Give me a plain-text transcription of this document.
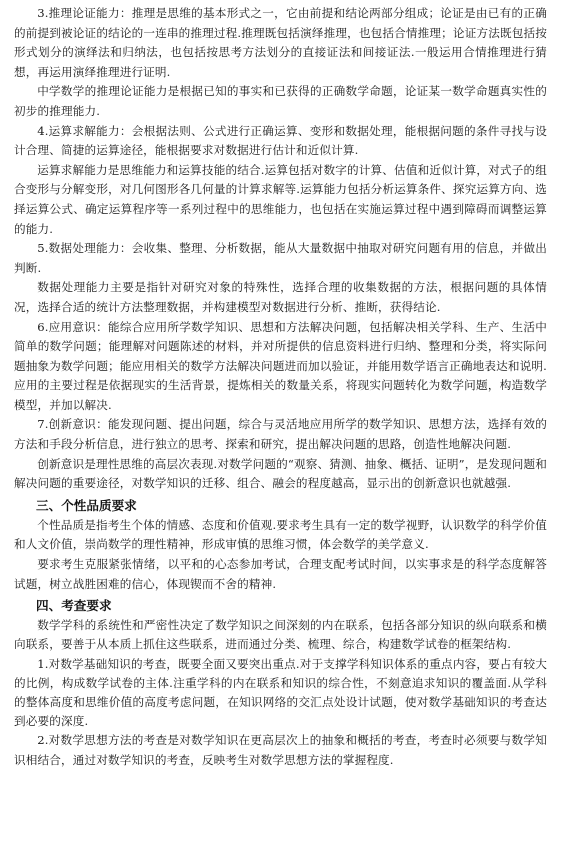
3.推理论证能力：推理是思维的基本形式之一，它由前提和结论两部分组成；论证是由已有的正确的前提到被论证的结论的一连串的推理过程.推理既包括演绎推理，也包括合情推理；论证方法既包括按形式划分的演绎法和归纳法，也包括按思考方法划分的直接证法和间接证法.一般运用合情推理进行猜想，再运用演绎推理进行证明.

中学数学的推理论证能力是根据已知的事实和已获得的正确数学命题，论证某一数学命题真实性的初步的推理能力.

4.运算求解能力：会根据法则、公式进行正确运算、变形和数据处理，能根据问题的条件寻找与设计合理、简捷的运算途径，能根据要求对数据进行估计和近似计算.

运算求解能力是思维能力和运算技能的结合.运算包括对数字的计算、估值和近似计算，对式子的组合变形与分解变形，对几何图形各几何量的计算求解等.运算能力包括分析运算条件、探究运算方向、选择运算公式、确定运算程序等一系列过程中的思维能力，也包括在实施运算过程中遇到障碍而调整运算的能力.

5.数据处理能力：会收集、整理、分析数据，能从大量数据中抽取对研究问题有用的信息，并做出判断.

数据处理能力主要是指针对研究对象的特殊性，选择合理的收集数据的方法，根据问题的具体情况，选择合适的统计方法整理数据，并构建模型对数据进行分析、推断，获得结论.

6.应用意识：能综合应用所学数学知识、思想和方法解决问题，包括解决相关学科、生产、生活中简单的数学问题；能理解对问题陈述的材料，并对所提供的信息资料进行归纳、整理和分类，将实际问题抽象为数学问题；能应用相关的数学方法解决问题进而加以验证，并能用数学语言正确地表达和说明.应用的主要过程是依据现实的生活背景，提炼相关的数量关系，将现实问题转化为数学问题，构造数学模型，并加以解决.

7.创新意识：能发现问题、提出问题，综合与灵活地应用所学的数学知识、思想方法，选择有效的方法和手段分析信息，进行独立的思考、探索和研究，提出解决问题的思路，创造性地解决问题.

创新意识是理性思维的高层次表现.对数学问题的“观察、猜测、抽象、概括、证明”，是发现问题和解决问题的重要途径，对数学知识的迁移、组合、融会的程度越高，显示出的创新意识也就越强.

三、个性品质要求

个性品质是指考生个体的情感、态度和价值观.要求考生具有一定的数学视野，认识数学的科学价值和人文价值，崇尚数学的理性精神，形成审慎的思维习惯，体会数学的美学意义.

要求考生克服紧张情绪，以平和的心态参加考试，合理支配考试时间，以实事求是的科学态度解答试题，树立战胜困难的信心，体现锲而不舍的精神.

四、考查要求

数学学科的系统性和严密性决定了数学知识之间深刻的内在联系，包括各部分知识的纵向联系和横向联系，要善于从本质上抓住这些联系，进而通过分类、梳理、综合，构建数学试卷的框架结构.

1.对数学基础知识的考查，既要全面又要突出重点.对于支撑学科知识体系的重点内容，要占有较大的比例，构成数学试卷的主体.注重学科的内在联系和知识的综合性，不刻意追求知识的覆盖面.从学科的整体高度和思维价值的高度考虑问题，在知识网络的交汇点处设计试题，使对数学基础知识的考查达到必要的深度.

2.对数学思想方法的考查是对数学知识在更高层次上的抽象和概括的考查，考查时必须要与数学知识相结合，通过对数学知识的考查，反映考生对数学思想方法的掌握程度.
